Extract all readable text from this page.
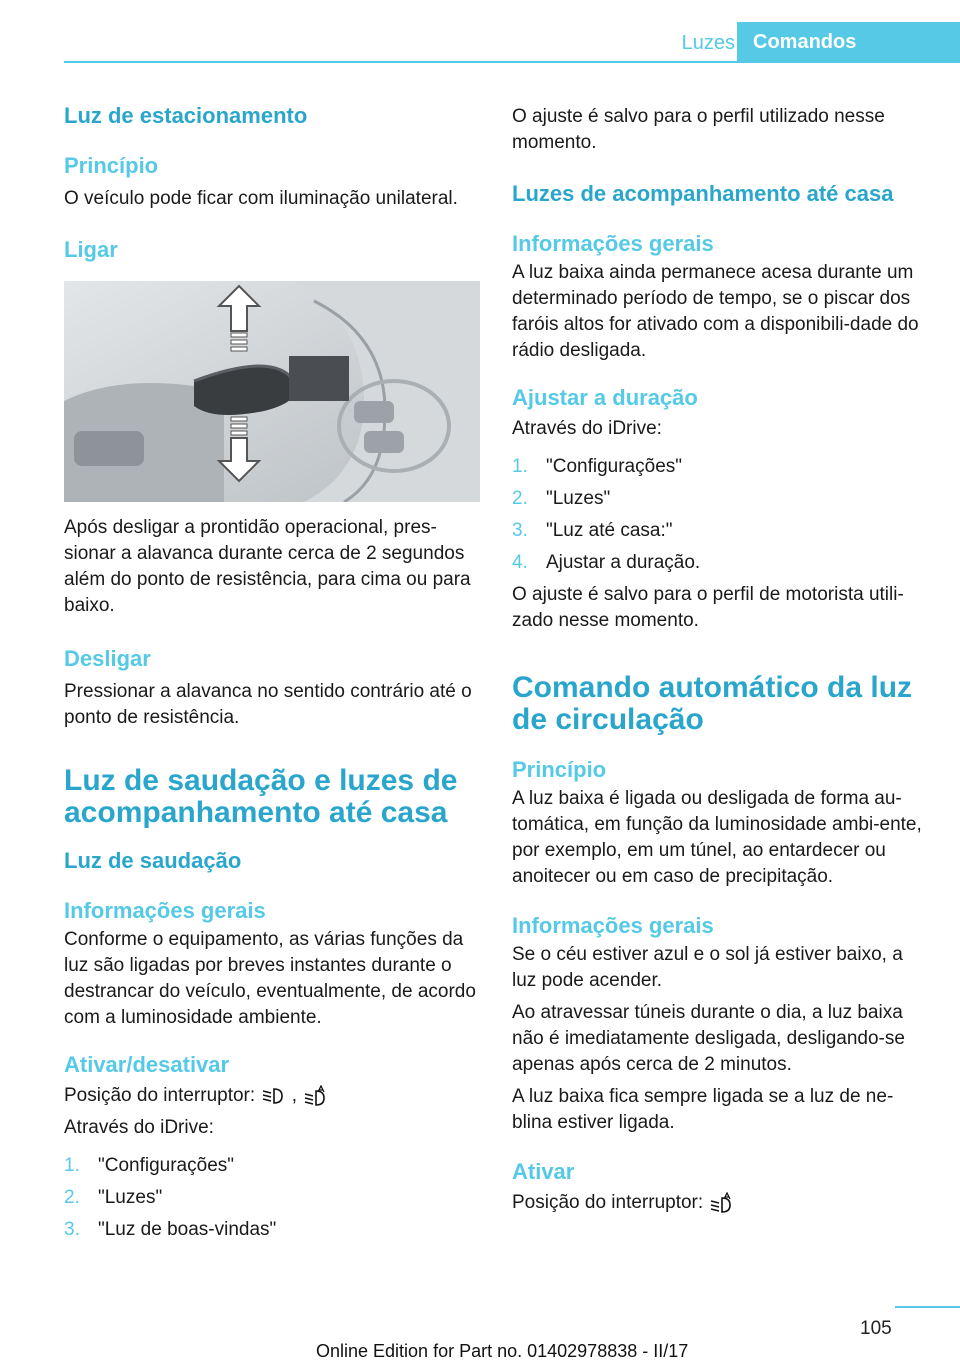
Luzes Comandos
Luz de estacionamento
Princípio

O veículo pode ficar com iluminação unilateral.

Ligar

Após desligar a prontidão operacional, pres‐sionar a alavanca durante cerca de 2 segundos além do ponto de resistência, para cima ou para baixo.

Desligar

Pressionar a alavanca no sentido contrário até o ponto de resistência.

Luz de saudação e luzes de acompanhamento até casa
Luz de saudação
Informações gerais

Conforme o equipamento, as várias funções da luz são ligadas por breves instantes durante o destrancar do veículo, eventualmente, de acordo com a luminosidade ambiente.

Ativar/desativar

Posição do interruptor: ,

Através do iDrive:

1. "Configurações"
2. "Luzes"
3. "Luz de boas-vindas"

O ajuste é salvo para o perfil utilizado nesse momento.

Luzes de acompanhamento até casa
Informações gerais

A luz baixa ainda permanece acesa durante um determinado período de tempo, se o piscar dos faróis altos for ativado com a disponibili‐dade do rádio desligada.

Ajustar a duração

Através do iDrive:

1. "Configurações"
2. "Luzes"
3. "Luz até casa:"
4. Ajustar a duração.

O ajuste é salvo para o perfil de motorista utili‐zado nesse momento.

Comando automático da luz de circulação
Princípio

A luz baixa é ligada ou desligada de forma au‐tomática, em função da luminosidade ambi‐ente, por exemplo, em um túnel, ao entardecer ou anoitecer ou em caso de precipitação.

Informações gerais

Se o céu estiver azul e o sol já estiver baixo, a luz pode acender.

Ao atravessar túneis durante o dia, a luz baixa não é imediatamente desligada, desligando-se apenas após cerca de 2 minutos.

A luz baixa fica sempre ligada se a luz de ne‐blina estiver ligada.

Ativar

Posição do interruptor:

105
Online Edition for Part no. 01402978838 - II/17
